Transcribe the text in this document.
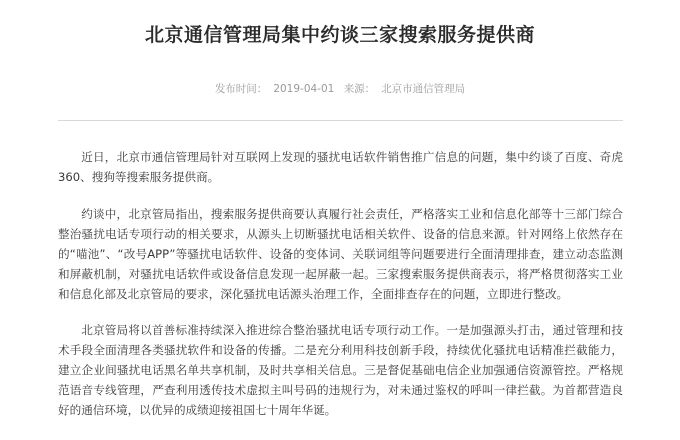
北京通信管理局集中约谈三家搜索服务提供商
发布时间： 2019-04-01 来源： 北京市通信管理局

近日，北京市通信管理局针对互联网上发现的骚扰电话软件销售推广信息的问题，集中约谈了百度、奇虎360、搜狗等搜索服务提供商。

约谈中，北京管局指出，搜索服务提供商要认真履行社会责任，严格落实工业和信息化部等十三部门综合整治骚扰电话专项行动的相关要求，从源头上切断骚扰电话相关软件、设备的信息来源。针对网络上依然存在的“喵池”、“改号APP”等骚扰电话软件、设备的变体词、关联词组等问题要进行全面清理排查，建立动态监测和屏蔽机制，对骚扰电话软件或设备信息发现一起屏蔽一起。三家搜索服务提供商表示，将严格贯彻落实工业和信息化部及北京管局的要求，深化骚扰电话源头治理工作，全面排查存在的问题，立即进行整改。

北京管局将以首善标准持续深入推进综合整治骚扰电话专项行动工作。一是加强源头打击，通过管理和技术手段全面清理各类骚扰软件和设备的传播。二是充分利用科技创新手段，持续优化骚扰电话精准拦截能力，建立企业间骚扰电话黑名单共享机制，及时共享相关信息。三是督促基础电信企业加强通信资源管控。严格规范语音专线管理，严查利用透传技术虚拟主叫号码的违规行为，对未通过鉴权的呼叫一律拦截。为首都营造良好的通信环境，以优异的成绩迎接祖国七十周年华诞。
